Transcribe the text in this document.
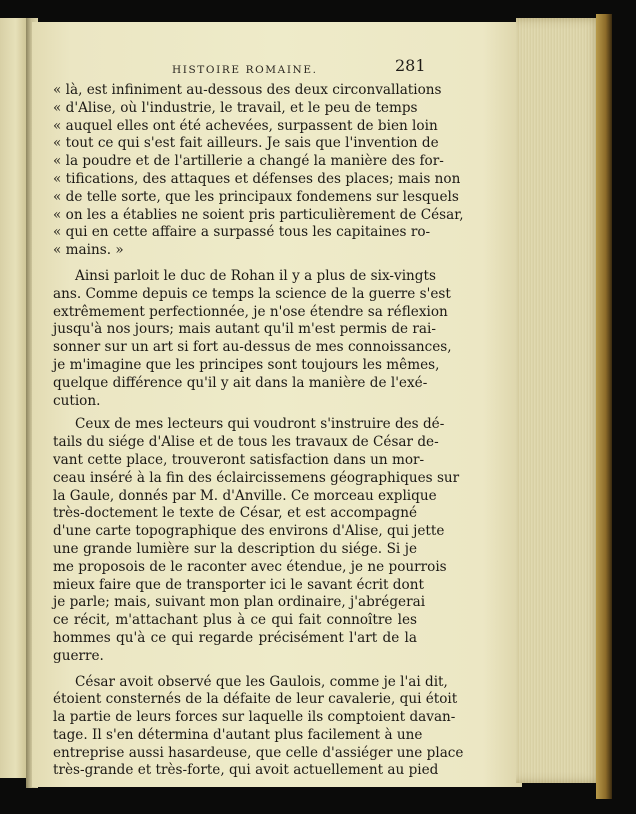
HISTOIRE ROMAINE.	281
« là, est infiniment au-dessous des deux circonvallations
« d'Alise, où l'industrie, le travail, et le peu de temps
« auquel elles ont été achevées, surpassent de bien loin
« tout ce qui s'est fait ailleurs. Je sais que l'invention de
« la poudre et de l'artillerie a changé la manière des for-
« tifications, des attaques et défenses des places; mais non
« de telle sorte, que les principaux fondemens sur lesquels
« on les a établies ne soient pris particulièrement de César,
« qui en cette affaire a surpassé tous les capitaines ro-
« mains. »
Ainsi parloit le duc de Rohan il y a plus de six-vingts
ans. Comme depuis ce temps la science de la guerre s'est
extrêmement perfectionnée, je n'ose étendre sa réflexion
jusqu'à nos jours; mais autant qu'il m'est permis de rai-
sonner sur un art si fort au-dessus de mes connoissances,
je m'imagine que les principes sont toujours les mêmes,
quelque différence qu'il y ait dans la manière de l'exé-
cution.
Ceux de mes lecteurs qui voudront s'instruire des dé-
tails du siége d'Alise et de tous les travaux de César de-
vant cette place, trouveront satisfaction dans un mor-
ceau inséré à la fin des éclaircissemens géographiques sur
la Gaule, donnés par M. d'Anville. Ce morceau explique
très-doctement le texte de César, et est accompagné
d'une carte topographique des environs d'Alise, qui jette
une grande lumière sur la description du siége. Si je
me proposois de le raconter avec étendue, je ne pourrois
mieux faire que de transporter ici le savant écrit dont
je parle; mais, suivant mon plan ordinaire, j'abrégerai
ce récit, m'attachant plus à ce qui fait connoître les
hommes qu'à ce qui regarde précisément l'art de la
guerre.
César avoit observé que les Gaulois, comme je l'ai dit,
étoient consternés de la défaite de leur cavalerie, qui étoit
la partie de leurs forces sur laquelle ils comptoient davan-
tage. Il s'en détermina d'autant plus facilement à une
entreprise aussi hasardeuse, que celle d'assiéger une place
très-grande et très-forte, qui avoit actuellement au pied
